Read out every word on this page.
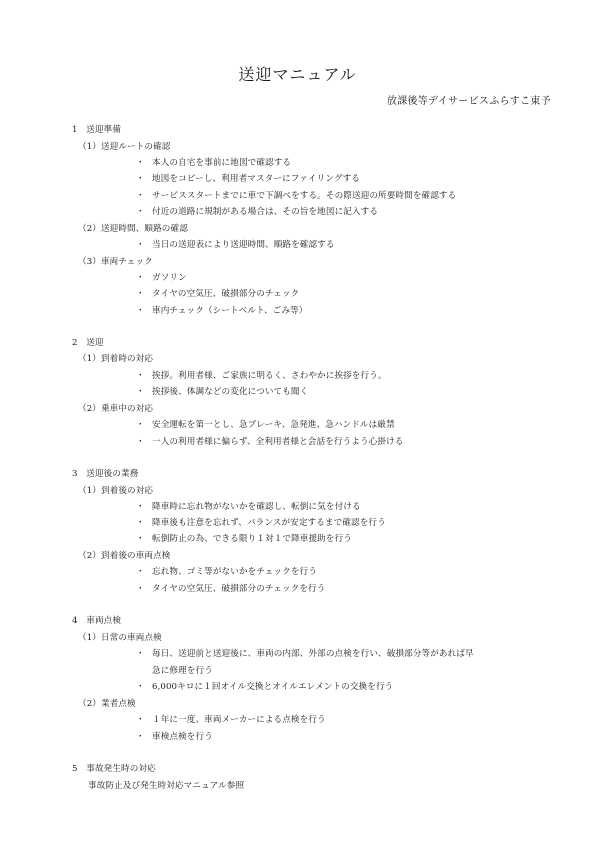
送迎マニュアル
放課後等デイサービスふらすこ東予
1　送迎準備
（1）送迎ルートの確認
・ 本人の自宅を事前に地図で確認する
・ 地図をコピーし、利用者マスターにファイリングする
・ サービススタートまでに車で下調べをする。その際送迎の所要時間を確認する
・ 付近の道路に規制がある場合は、その旨を地図に記入する
（2）送迎時間、順路の確認
・ 当日の送迎表により送迎時間、順路を確認する
（3）車両チェック
・ ガソリン
・ タイヤの空気圧、破損部分のチェック
・ 車内チェック（シートベルト、ごみ等）
2　送迎
（1）到着時の対応
・ 挨拶。利用者様、ご家族に明るく、さわやかに挨拶を行う。
・ 挨拶後、体調などの変化についても聞く
（2）乗車中の対応
・ 安全運転を第一とし、急ブレーキ、急発進、急ハンドルは厳禁
・ 一人の利用者様に偏らず、全利用者様と会話を行うよう心掛ける
3　送迎後の業務
（1）到着後の対応
・ 降車時に忘れ物がないかを確認し、転倒に気を付ける
・ 降車後も注意を忘れず、バランスが安定するまで確認を行う
・ 転倒防止の為、できる限り１対１で降車援助を行う
（2）到着後の車両点検
・ 忘れ物、ゴミ等がないかをチェックを行う
・ タイヤの空気圧、破損部分のチェックを行う
4　車両点検
（1）日常の車両点検
・ 毎日、送迎前と送迎後に、車両の内部、外部の点検を行い、破損部分等があれば早
急に修理を行う
・ 6,000キロに１回オイル交換とオイルエレメントの交換を行う
（2）業者点検
・ １年に一度、車両メーカーによる点検を行う
・ 車検点検を行う
5　事故発生時の対応
事故防止及び発生時対応マニュアル参照
